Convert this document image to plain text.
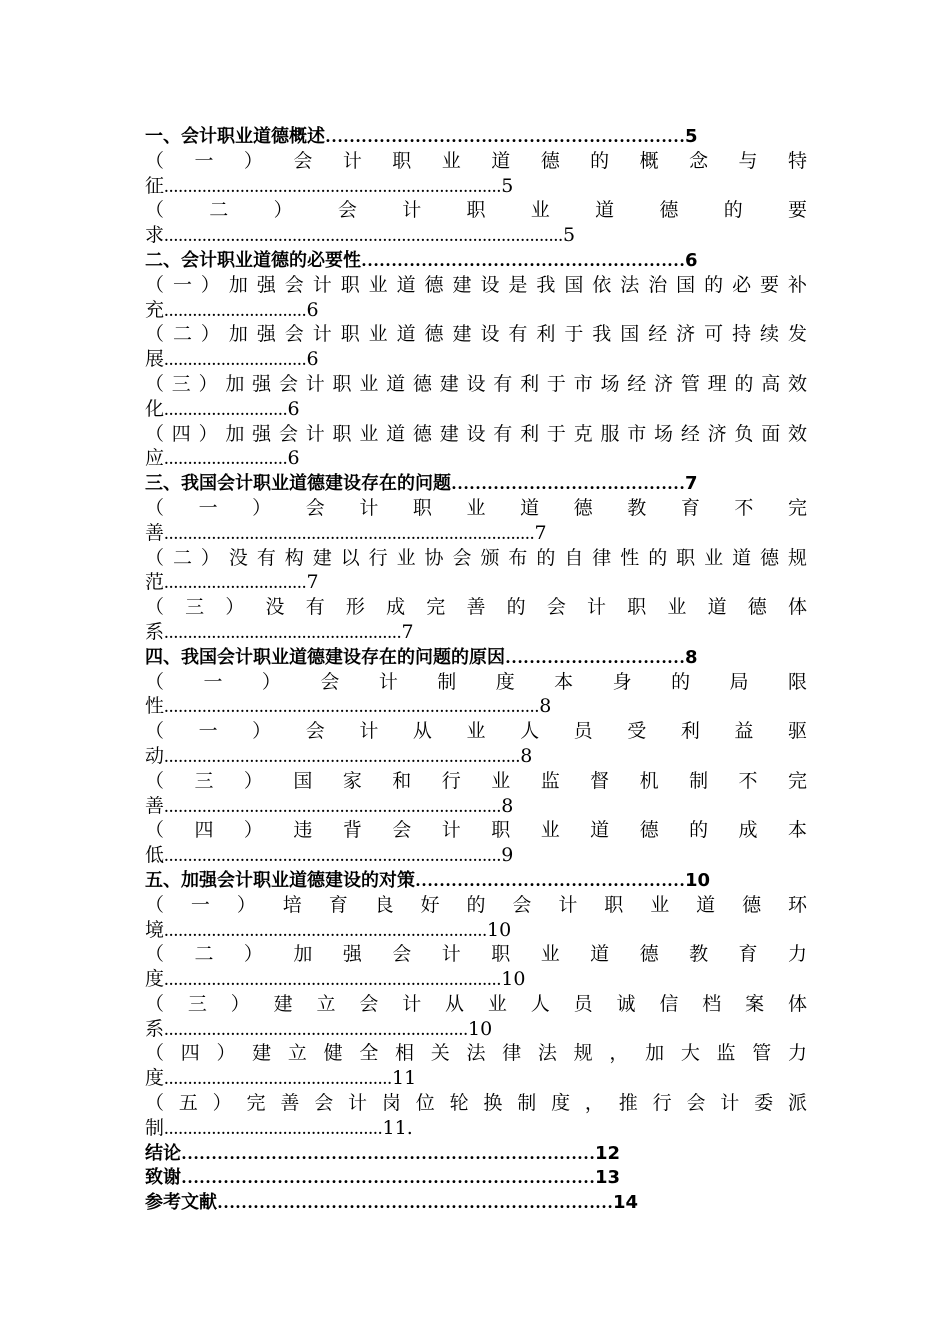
一、会计职业道德概述……………………………………………………5
（ 一 ） 会 计 职 业 道 德 的 概 念 与 特
征.......................................................................5
（ 二 ） 会 计 职 业 道 德 的 要
求....................................................................................5
二、会计职业道德的必要性………………………………………………6
（一）加强会计职业道德建设是我国依法治国的必要补
充..............................6
（二）加强会计职业道德建设有利于我国经济可持续发
展..............................6
（三）加强会计职业道德建设有利于市场经济管理的高效
化..........................6
（四）加强会计职业道德建设有利于克服市场经济负面效
应..........................6
三、我国会计职业道德建设存在的问题…………………………………7
（ 一 ） 会 计 职 业 道 德 教 育 不 完
善..............................................................................7
（二）没有构建以行业协会颁布的自律性的职业道德规
范..............................7
（ 三 ） 没 有 形 成 完 善 的 会 计 职 业 道 德 体
系..................................................7
四、我国会计职业道德建设存在的问题的原因…………………………8
（ 一 ） 会 计 制 度 本 身 的 局 限
性...............................................................................8
（ 一 ） 会 计 从 业 人 员 受 利 益 驱
动...........................................................................8
（ 三 ） 国 家 和 行 业 监 督 机 制 不 完
善.......................................................................8
（ 四 ） 违 背 会 计 职 业 道 德 的 成 本
低.......................................................................9
五、加强会计职业道德建设的对策………………………………………10
（ 一 ） 培 育 良 好 的 会 计 职 业 道 德 环
境....................................................................10
（ 二 ） 加 强 会 计 职 业 道 德 教 育 力
度.......................................................................10
（ 三 ） 建 立 会 计 从 业 人 员 诚 信 档 案 体
系................................................................10
（四）建立健全相关法律法规，加大监管力
度................................................11
（五）完善会计岗位轮换制度，推行会计委派
制..............................................11.
结论……………………………………………………………12
致谢……………………………………………………………13
参考文献…………………………………………………………14
